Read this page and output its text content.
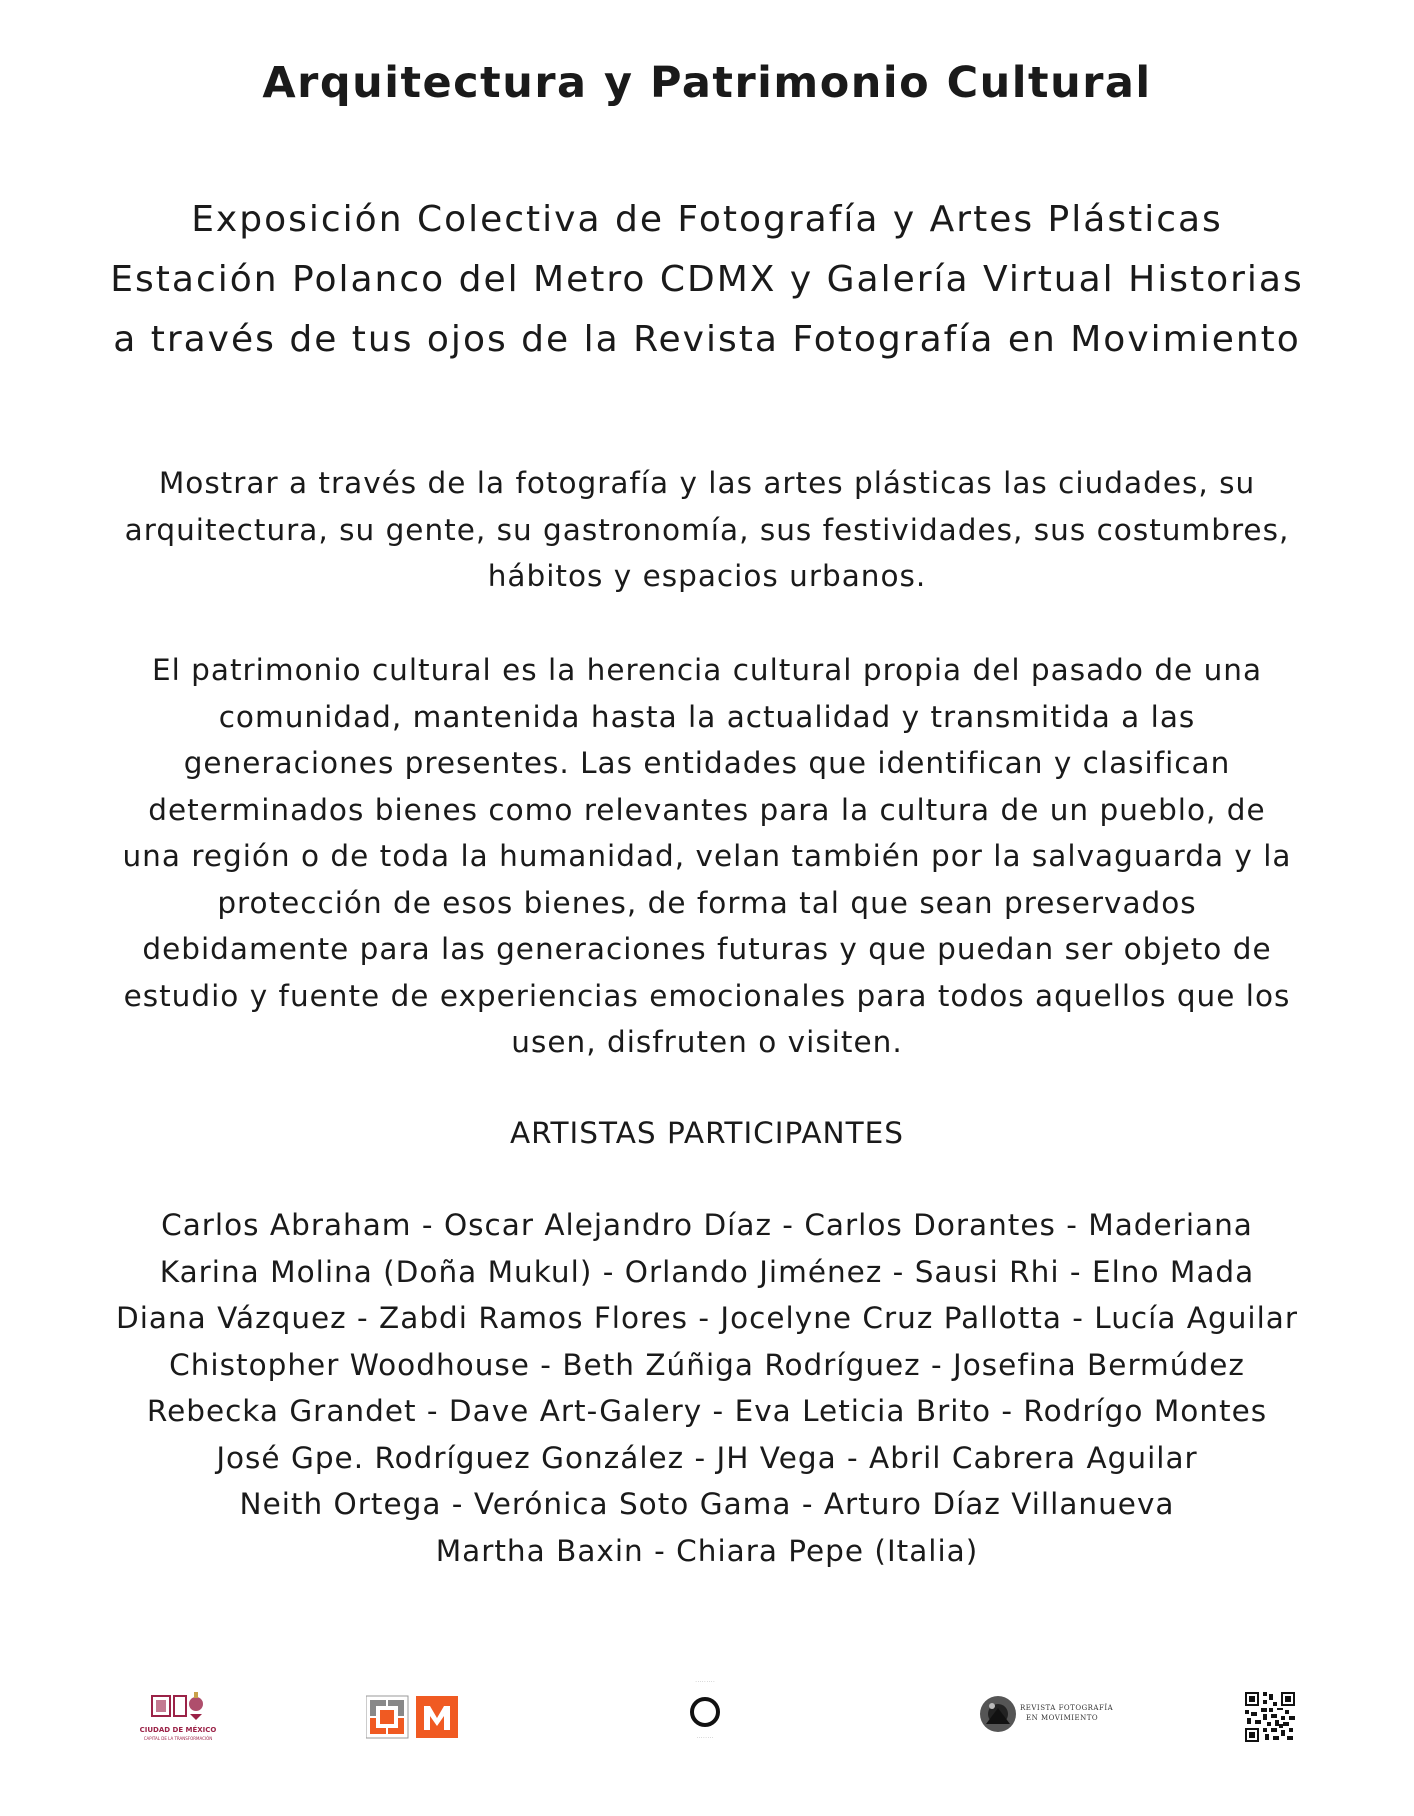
Arquitectura y Patrimonio Cultural
Exposición Colectiva de Fotografía y Artes Plásticas
Estación Polanco del Metro CDMX y Galería Virtual Historias
a través de tus ojos de la Revista Fotografía en Movimiento
Mostrar a través de la fotografía y las artes plásticas las ciudades, su
arquitectura, su gente, su gastronomía, sus festividades, sus costumbres,
hábitos y espacios urbanos.
El patrimonio cultural es la herencia cultural propia del pasado de una
comunidad, mantenida hasta la actualidad y transmitida a las
generaciones presentes. Las entidades que identifican y clasifican
determinados bienes como relevantes para la cultura de un pueblo, de
una región o de toda la humanidad, velan también por la salvaguarda y la
protección de esos bienes, de forma tal que sean preservados
debidamente para las generaciones futuras y que puedan ser objeto de
estudio y fuente de experiencias emocionales para todos aquellos que los
usen, disfruten o visiten.
ARTISTAS PARTICIPANTES
Carlos Abraham - Oscar Alejandro Díaz - Carlos Dorantes - Maderiana
Karina Molina (Doña Mukul) - Orlando Jiménez - Sausi Rhi - Elno Mada
Diana Vázquez - Zabdi Ramos Flores - Jocelyne Cruz Pallotta - Lucía Aguilar
Chistopher Woodhouse - Beth Zúñiga Rodríguez - Josefina Bermúdez
Rebecka Grandet - Dave Art-Galery - Eva Leticia Brito - Rodrígo Montes
José Gpe. Rodríguez González - JH Vega - Abril Cabrera Aguilar
Neith Ortega - Verónica Soto Gama - Arturo Díaz Villanueva
Martha Baxin - Chiara Pepe (Italia)
CIUDAD DE MÉXICO
CAPITAL DE LA TRANSFORMACIÓN
· · · · · · · · ·
· · · · · · · ·
REVISTA FOTOGRAFÍA
EN MOVIMIENTO
